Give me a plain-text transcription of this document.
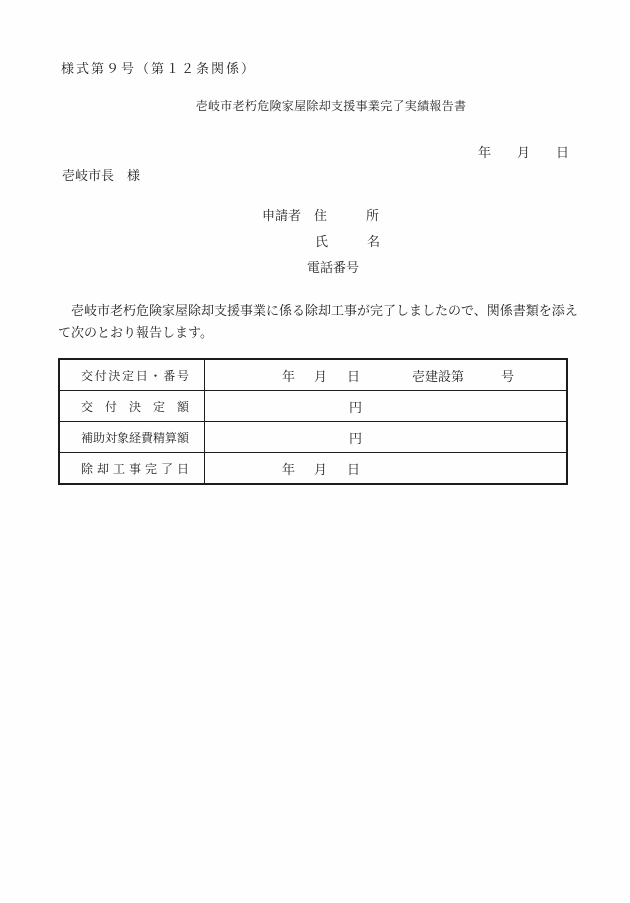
様式第９号（第１２条関係）
壱岐市老朽危険家屋除却支援事業完了実績報告書
年　　月　　日
壱岐市長　様
申請者　住　　　所
氏　　　名
電話番号
　壱岐市老朽危険家屋除却支援事業に係る除却工事が完了しましたので、関係書類を添え
て次のとおり報告します。
交付決定日・番号	年 月 日	壱建設第	号
交付決定額	円
補助対象経費精算額	円
除却工事完了日	年 月 日
